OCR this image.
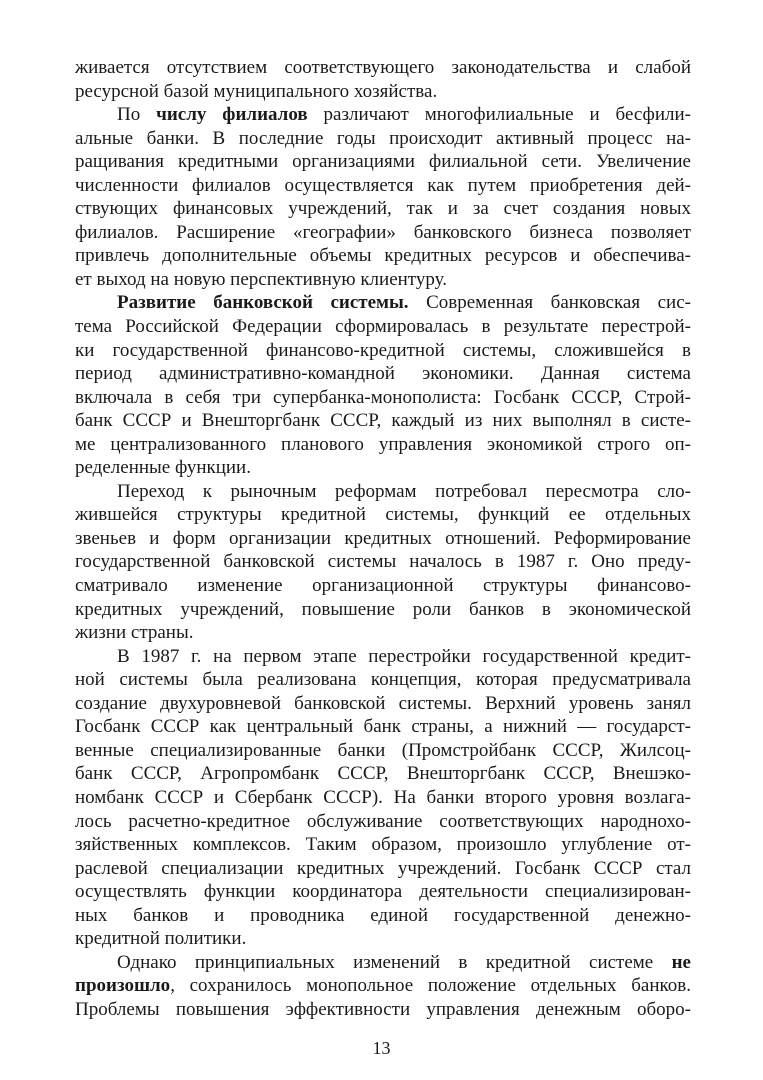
живается отсутствием соответствующего законодательства и слабой
ресурсной базой муниципального хозяйства.
По числу филиалов различают многофилиальные и бесфили-
альные банки. В последние годы происходит активный процесс на-
ращивания кредитными организациями филиальной сети. Увеличение
численности филиалов осуществляется как путем приобретения дей-
ствующих финансовых учреждений, так и за счет создания новых
филиалов. Расширение «географии» банковского бизнеса позволяет
привлечь дополнительные объемы кредитных ресурсов и обеспечива-
ет выход на новую перспективную клиентуру.
Развитие банковской системы. Современная банковская сис-
тема Российской Федерации сформировалась в результате перестрой-
ки государственной финансово-кредитной системы, сложившейся в
период административно-командной экономики. Данная система
включала в себя три супербанка-монополиста: Госбанк СССР, Строй-
банк СССР и Внешторгбанк СССР, каждый из них выполнял в систе-
ме централизованного планового управления экономикой строго оп-
ределенные функции.
Переход к рыночным реформам потребовал пересмотра сло-
жившейся структуры кредитной системы, функций ее отдельных
звеньев и форм организации кредитных отношений. Реформирование
государственной банковской системы началось в 1987 г. Оно преду-
сматривало изменение организационной структуры финансово-
кредитных учреждений, повышение роли банков в экономической
жизни страны.
В 1987 г. на первом этапе перестройки государственной кредит-
ной системы была реализована концепция, которая предусматривала
создание двухуровневой банковской системы. Верхний уровень занял
Госбанк СССР как центральный банк страны, а нижний — государст-
венные специализированные банки (Промстройбанк СССР, Жилсоц-
банк СССР, Агропромбанк СССР, Внешторгбанк СССР, Внешэко-
номбанк СССР и Сбербанк СССР). На банки второго уровня возлага-
лось расчетно-кредитное обслуживание соответствующих народнохо-
зяйственных комплексов. Таким образом, произошло углубление от-
раслевой специализации кредитных учреждений. Госбанк СССР стал
осуществлять функции координатора деятельности специализирован-
ных банков и проводника единой государственной денежно-
кредитной политики.
Однако принципиальных изменений в кредитной системе не
произошло, сохранилось монопольное положение отдельных банков.
Проблемы повышения эффективности управления денежным оборо-
13
